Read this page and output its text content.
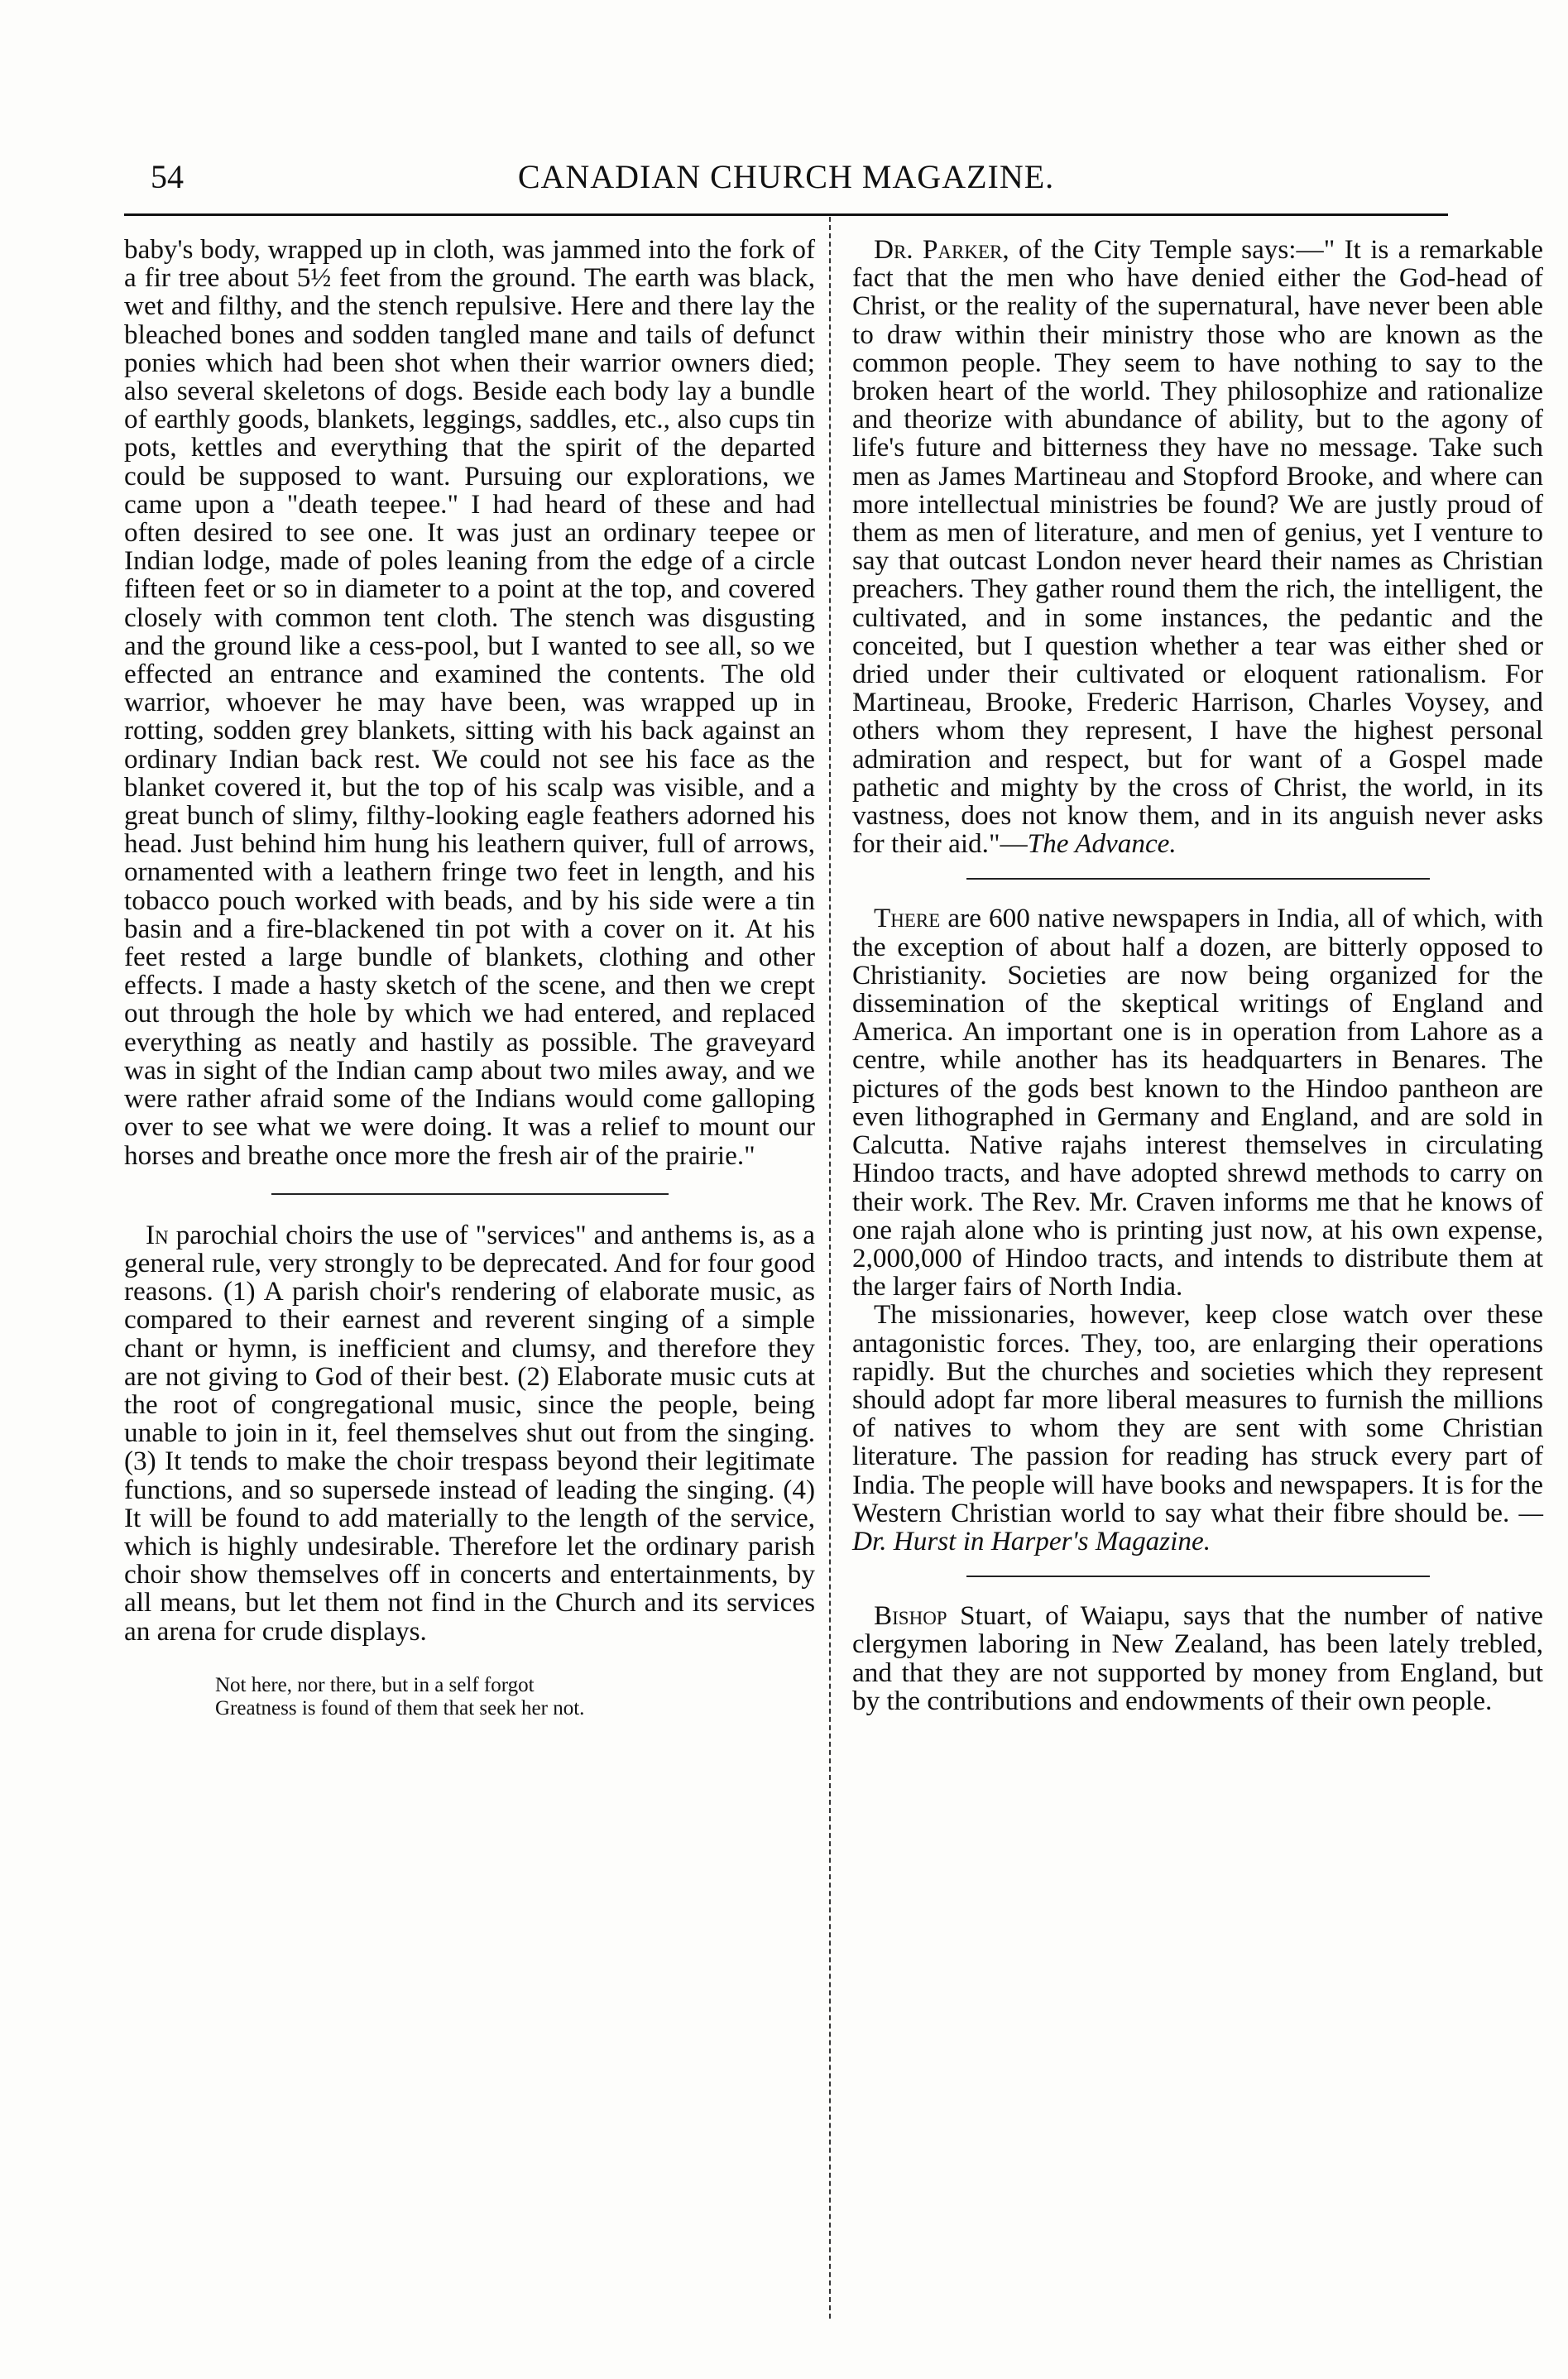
54	CANADIAN CHURCH MAGAZINE.

baby's body, wrapped up in cloth, was jammed into the fork of a fir tree about 5½ feet from the ground. The earth was black, wet and filthy, and the stench repulsive. Here and there lay the bleached bones and sodden tangled mane and tails of defunct ponies which had been shot when their warrior owners died; also several skeletons of dogs. Beside each body lay a bundle of earthly goods, blankets, leggings, saddles, etc., also cups tin pots, kettles and everything that the spirit of the departed could be supposed to want. Pursuing our explorations, we came upon a "death teepee." I had heard of these and had often desired to see one. It was just an ordinary teepee or Indian lodge, made of poles leaning from the edge of a circle fifteen feet or so in diameter to a point at the top, and covered closely with common tent cloth. The stench was disgusting and the ground like a cess-pool, but I wanted to see all, so we effected an entrance and examined the contents. The old warrior, whoever he may have been, was wrapped up in rotting, sodden grey blankets, sitting with his back against an ordinary Indian back rest. We could not see his face as the blanket covered it, but the top of his scalp was visible, and a great bunch of slimy, filthy-looking eagle feathers adorned his head. Just behind him hung his leathern quiver, full of arrows, ornamented with a leathern fringe two feet in length, and his tobacco pouch worked with beads, and by his side were a tin basin and a fire-blackened tin pot with a cover on it. At his feet rested a large bundle of blankets, clothing and other effects. I made a hasty sketch of the scene, and then we crept out through the hole by which we had entered, and replaced everything as neatly and hastily as possible. The graveyard was in sight of the Indian camp about two miles away, and we were rather afraid some of the Indians would come galloping over to see what we were doing. It was a relief to mount our horses and breathe once more the fresh air of the prairie."

In parochial choirs the use of "services" and anthems is, as a general rule, very strongly to be deprecated. And for four good reasons. (1) A parish choir's rendering of elaborate music, as compared to their earnest and reverent singing of a simple chant or hymn, is inefficient and clumsy, and therefore they are not giving to God of their best. (2) Elaborate music cuts at the root of congregational music, since the people, being unable to join in it, feel themselves shut out from the singing. (3) It tends to make the choir trespass beyond their legitimate functions, and so supersede instead of leading the singing. (4) It will be found to add materially to the length of the service, which is highly undesirable. Therefore let the ordinary parish choir show themselves off in concerts and entertainments, by all means, but let them not find in the Church and its services an arena for crude displays.

Not here, nor there, but in a self forgot
Greatness is found of them that seek her not.

Dr. Parker, of the City Temple says:—" It is a remarkable fact that the men who have denied either the God-head of Christ, or the reality of the supernatural, have never been able to draw within their ministry those who are known as the common people. They seem to have nothing to say to the broken heart of the world. They philosophize and rationalize and theorize with abundance of ability, but to the agony of life's future and bitterness they have no message. Take such men as James Martineau and Stopford Brooke, and where can more intellectual ministries be found? We are justly proud of them as men of literature, and men of genius, yet I venture to say that outcast London never heard their names as Christian preachers. They gather round them the rich, the intelligent, the cultivated, and in some instances, the pedantic and the conceited, but I question whether a tear was either shed or dried under their cultivated or eloquent rationalism. For Martineau, Brooke, Frederic Harrison, Charles Voysey, and others whom they represent, I have the highest personal admiration and respect, but for want of a Gospel made pathetic and mighty by the cross of Christ, the world, in its vastness, does not know them, and in its anguish never asks for their aid."—The Advance.

There are 600 native newspapers in India, all of which, with the exception of about half a dozen, are bitterly opposed to Christianity. Societies are now being organized for the dissemination of the skeptical writings of England and America. An important one is in operation from Lahore as a centre, while another has its headquarters in Benares. The pictures of the gods best known to the Hindoo pantheon are even lithographed in Germany and England, and are sold in Calcutta. Native rajahs interest themselves in circulating Hindoo tracts, and have adopted shrewd methods to carry on their work. The Rev. Mr. Craven informs me that he knows of one rajah alone who is printing just now, at his own expense, 2,000,000 of Hindoo tracts, and intends to distribute them at the larger fairs of North India.

The missionaries, however, keep close watch over these antagonistic forces. They, too, are enlarging their operations rapidly. But the churches and societies which they represent should adopt far more liberal measures to furnish the millions of natives to whom they are sent with some Christian literature. The passion for reading has struck every part of India. The people will have books and newspapers. It is for the Western Christian world to say what their fibre should be. —Dr. Hurst in Harper's Magazine.

Bishop Stuart, of Waiapu, says that the number of native clergymen laboring in New Zealand, has been lately trebled, and that they are not supported by money from England, but by the contributions and endowments of their own people.
